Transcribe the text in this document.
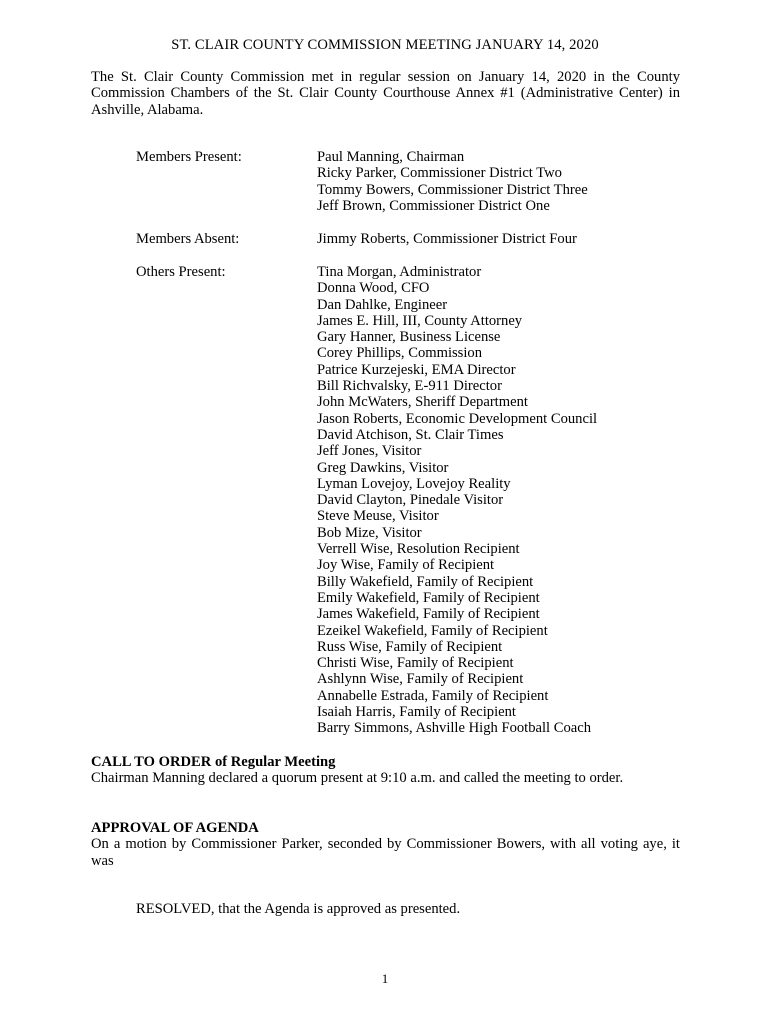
ST. CLAIR COUNTY COMMISSION MEETING JANUARY 14, 2020
The St. Clair County Commission met in regular session on January 14, 2020 in the County Commission Chambers of the St. Clair County Courthouse Annex #1 (Administrative Center) in Ashville, Alabama.
Members Present:	Paul Manning, Chairman
Ricky Parker, Commissioner District Two
Tommy Bowers, Commissioner District Three
Jeff Brown, Commissioner District One
Members Absent:	Jimmy Roberts, Commissioner District Four
Others Present:	Tina Morgan, Administrator
Donna Wood, CFO
Dan Dahlke, Engineer
James E. Hill, III, County Attorney
Gary Hanner, Business License
Corey Phillips, Commission
Patrice Kurzejeski, EMA Director
Bill Richvalsky, E-911 Director
John McWaters, Sheriff Department
Jason Roberts, Economic Development Council
David Atchison, St. Clair Times
Jeff Jones, Visitor
Greg Dawkins, Visitor
Lyman Lovejoy, Lovejoy Reality
David Clayton, Pinedale Visitor
Steve Meuse, Visitor
Bob Mize, Visitor
Verrell Wise, Resolution Recipient
Joy Wise, Family of Recipient
Billy Wakefield, Family of Recipient
Emily Wakefield, Family of Recipient
James Wakefield, Family of Recipient
Ezeikel Wakefield, Family of Recipient
Russ Wise, Family of Recipient
Christi Wise, Family of Recipient
Ashlynn Wise, Family of Recipient
Annabelle Estrada, Family of Recipient
Isaiah Harris, Family of Recipient
Barry Simmons, Ashville High Football Coach
CALL TO ORDER of Regular Meeting
Chairman Manning declared a quorum present at 9:10 a.m. and called the meeting to order.
APPROVAL OF AGENDA
On a motion by Commissioner Parker, seconded by Commissioner Bowers, with all voting aye, it was
RESOLVED, that the Agenda is approved as presented.
1
